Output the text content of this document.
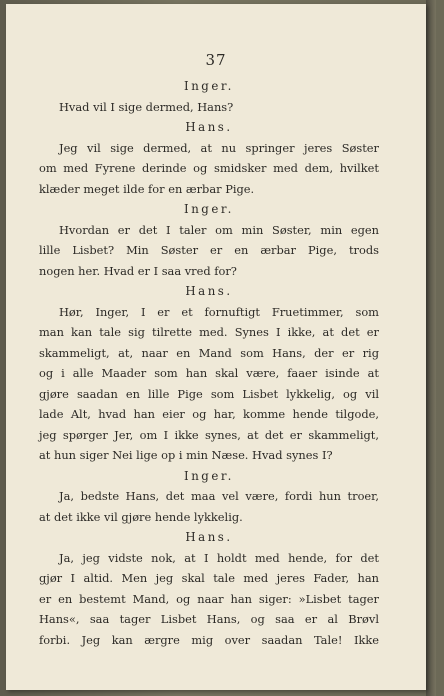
37
Inger.
Hvad vil I sige dermed, Hans?
Hans.
Jeg vil sige dermed, at nu springer jeres Søster
om med Fyrene derinde og smidsker med dem, hvilket
klæder meget ilde for en ærbar Pige.
Inger.
Hvordan er det I taler om min Søster, min egen
lille Lisbet? Min Søster er en ærbar Pige, trods
nogen her. Hvad er I saa vred for?
Hans.
Hør, Inger, I er et fornuftigt Fruetimmer, som
man kan tale sig tilrette med. Synes I ikke, at det er
skammeligt, at, naar en Mand som Hans, der er rig
og i alle Maader som han skal være, faaer isinde at
gjøre saadan en lille Pige som Lisbet lykkelig, og vil
lade Alt, hvad han eier og har, komme hende tilgode,
jeg spørger Jer, om I ikke synes, at det er skammeligt,
at hun siger Nei lige op i min Næse. Hvad synes I?
Inger.
Ja, bedste Hans, det maa vel være, fordi hun troer,
at det ikke vil gjøre hende lykkelig.
Hans.
Ja, jeg vidste nok, at I holdt med hende, for det
gjør I altid. Men jeg skal tale med jeres Fader, han
er en bestemt Mand, og naar han siger: »Lisbet tager
Hans«, saa tager Lisbet Hans, og saa er al Brøvl
forbi. Jeg kan ærgre mig over saadan Tale! Ikke
